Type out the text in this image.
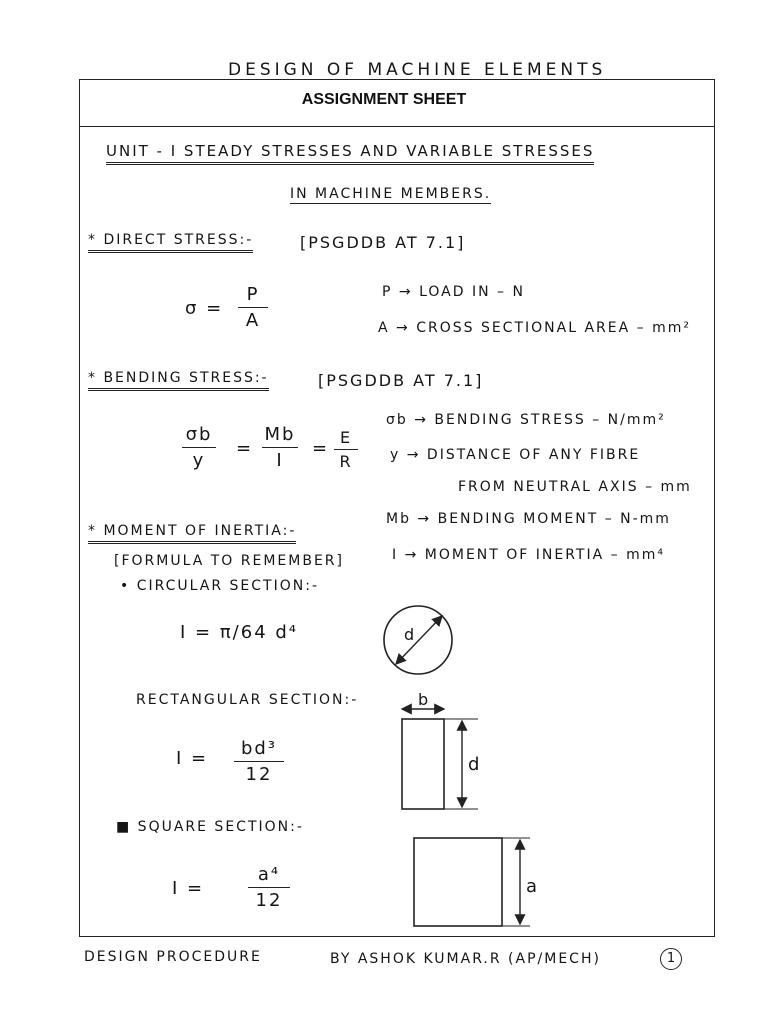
DESIGN OF MACHINE ELEMENTS
ASSIGNMENT SHEET
UNIT - I STEADY STRESSES AND VARIABLE STRESSES
IN MACHINE MEMBERS.
* DIRECT STRESS:-	[PSGDDB AT 7.1]
σ =
P
A
P → LOAD IN – N
A → CROSS SECTIONAL AREA – mm²
* BENDING STRESS:-	[PSGDDB AT 7.1]
σb
y
=
Mb
I
=
E
R
σb → BENDING STRESS – N/mm²
y → DISTANCE OF ANY FIBRE
FROM NEUTRAL AXIS – mm
Mb → BENDING MOMENT – N-mm
I → MOMENT OF INERTIA – mm⁴
* MOMENT OF INERTIA:-
[FORMULA TO REMEMBER]
• CIRCULAR SECTION:-
I = π/64 d⁴
RECTANGULAR SECTION:-
I =	bd³
12
■ SQUARE SECTION:-
I =
a⁴
12
d
b
d
a
DESIGN PROCEDURE	BY ASHOK KUMAR.R (AP/MECH)	1
